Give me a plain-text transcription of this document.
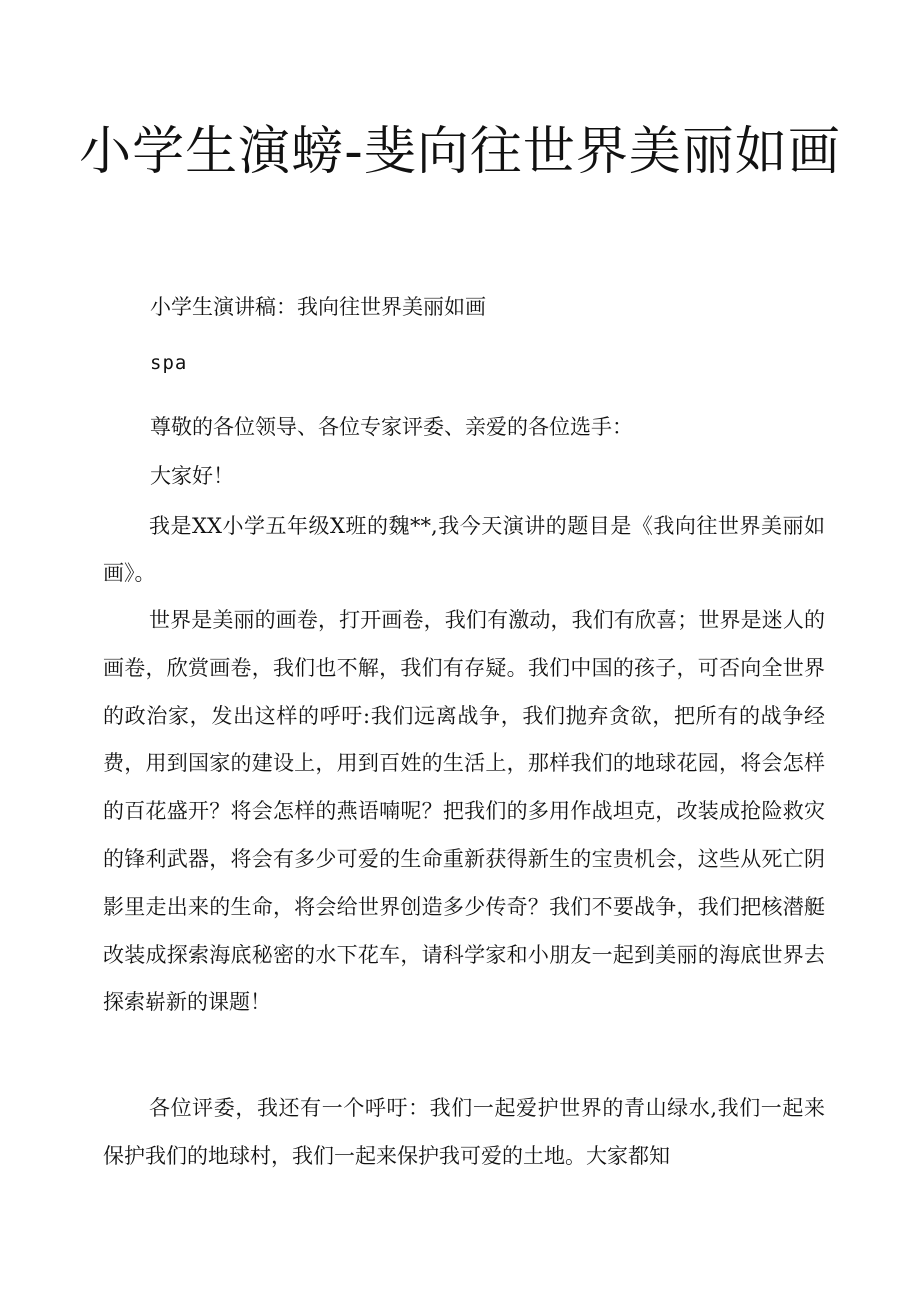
小学生演螃-斐向往世界美丽如画

小学生演讲稿：我向往世界美丽如画

spa

尊敬的各位领导、各位专家评委、亲爱的各位选手：

大家好！

我是XX小学五年级X班的魏**,我今天演讲的题目是《我向往世界美丽如画》。

世界是美丽的画卷，打开画卷，我们有激动，我们有欣喜；世界是迷人的画卷，欣赏画卷，我们也不解，我们有存疑。我们中国的孩子，可否向全世界的政治家，发出这样的呼吁:我们远离战争，我们抛弃贪欲，把所有的战争经费，用到国家的建设上，用到百姓的生活上，那样我们的地球花园，将会怎样的百花盛开？将会怎样的燕语喃呢？把我们的多用作战坦克，改装成抢险救灾的锋利武器，将会有多少可爱的生命重新获得新生的宝贵机会，这些从死亡阴影里走出来的生命，将会给世界创造多少传奇？我们不要战争，我们把核潜艇改装成探索海底秘密的水下花车，请科学家和小朋友一起到美丽的海底世界去探索崭新的课题！

各位评委，我还有一个呼吁：我们一起爱护世界的青山绿水,我们一起来保护我们的地球村，我们一起来保护我可爱的土地。大家都知
